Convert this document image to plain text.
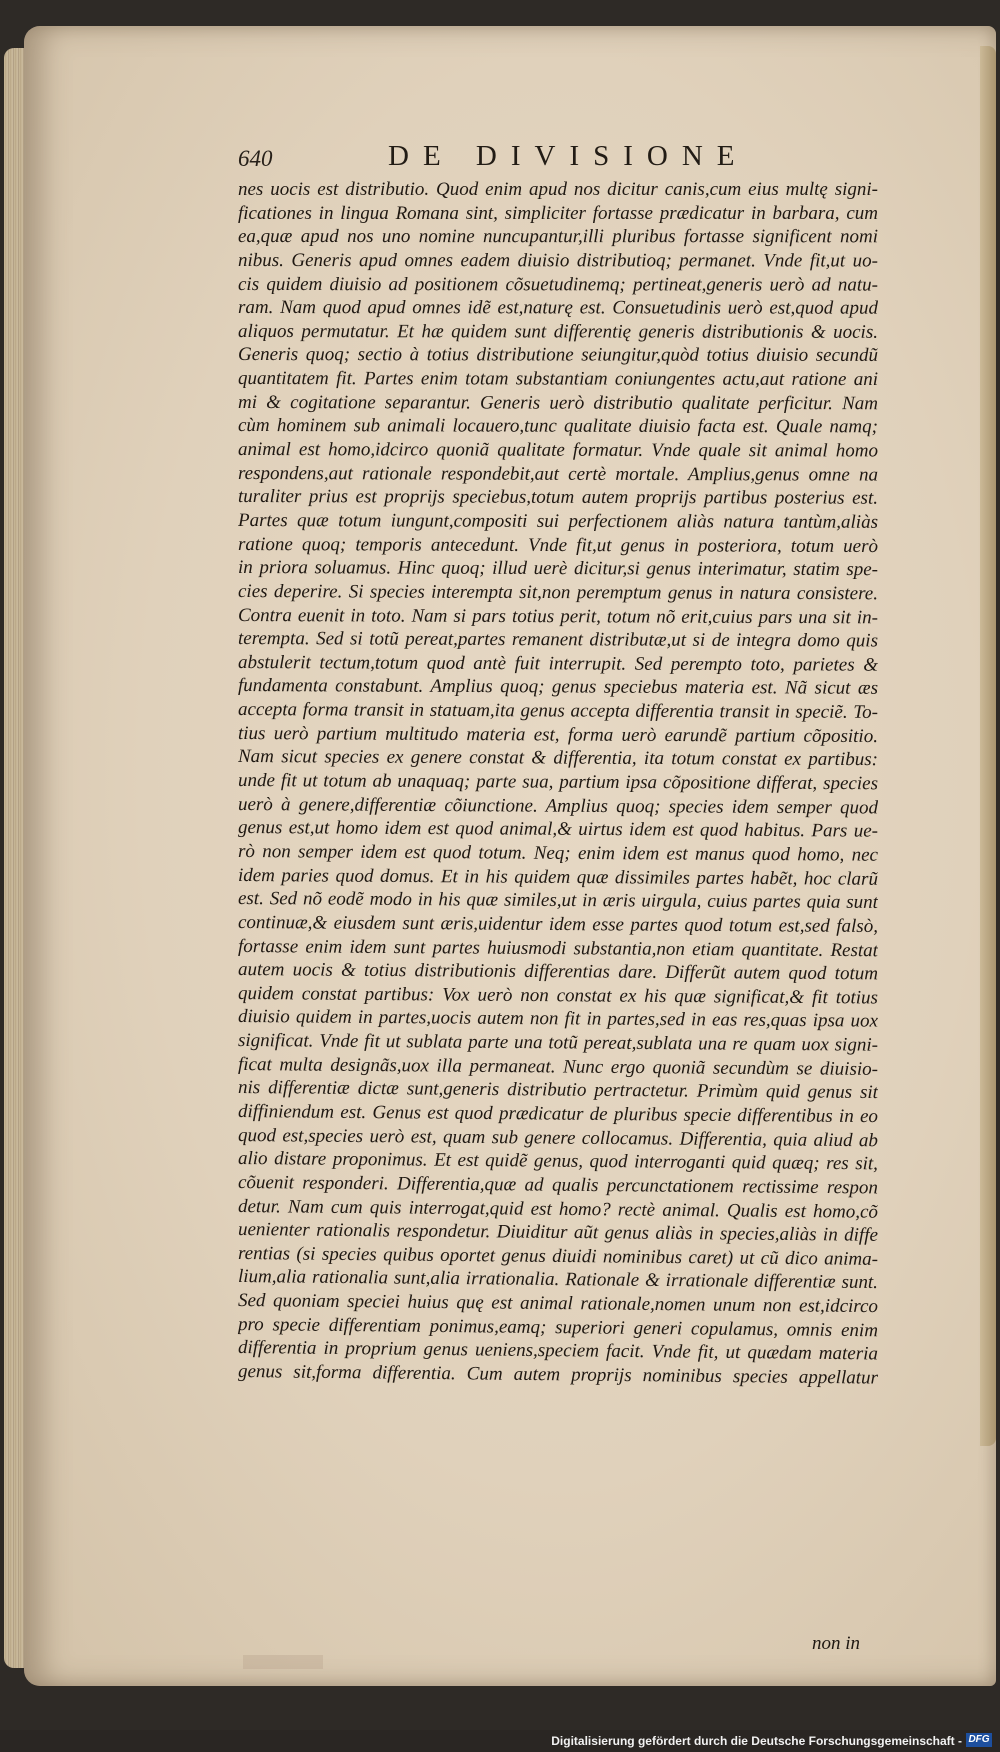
640	DE DIVISIONE
nes uocis est distributio. Quod enim apud nos dicitur canis,cum eius multę signi-
ficationes in lingua Romana sint, simpliciter fortasse prædicatur in barbara, cum
ea,quæ apud nos uno nomine nuncupantur,illi pluribus fortasse significent nomi
nibus. Generis apud omnes eadem diuisio distributioq; permanet. Vnde fit,ut uo-
cis quidem diuisio ad positionem cõsuetudinemq; pertineat,generis uerò ad natu-
ram. Nam quod apud omnes idẽ est,naturę est. Consuetudinis uerò est,quod apud
aliquos permutatur. Et hæ quidem sunt differentię generis distributionis & uocis.
Generis quoq; sectio à totius distributione seiungitur,quòd totius diuisio secundũ
quantitatem fit. Partes enim totam substantiam coniungentes actu,aut ratione ani
mi & cogitatione separantur. Generis uerò distributio qualitate perficitur. Nam
cùm hominem sub animali locauero,tunc qualitate diuisio facta est. Quale namq;
animal est homo,idcirco quoniã qualitate formatur. Vnde quale sit animal homo
respondens,aut rationale respondebit,aut certè mortale. Amplius,genus omne na
turaliter prius est proprijs speciebus,totum autem proprijs partibus posterius est.
Partes quæ totum iungunt,compositi sui perfectionem aliàs natura tantùm,aliàs
ratione quoq; temporis antecedunt. Vnde fit,ut genus in posteriora, totum uerò
in priora soluamus. Hinc quoq; illud uerè dicitur,si genus interimatur, statim spe-
cies deperire. Si species interempta sit,non peremptum genus in natura consistere.
Contra euenit in toto. Nam si pars totius perit, totum nõ erit,cuius pars una sit in-
terempta. Sed si totũ pereat,partes remanent distributæ,ut si de integra domo quis
abstulerit tectum,totum quod antè fuit interrupit. Sed perempto toto, parietes &
fundamenta constabunt. Amplius quoq; genus speciebus materia est. Nã sicut æs
accepta forma transit in statuam,ita genus accepta differentia transit in speciẽ. To-
tius uerò partium multitudo materia est, forma uerò earundẽ partium cõpositio.
Nam sicut species ex genere constat & differentia, ita totum constat ex partibus:
unde fit ut totum ab unaquaq; parte sua, partium ipsa cõpositione differat, species
uerò à genere,differentiæ cõiunctione. Amplius quoq; species idem semper quod
genus est,ut homo idem est quod animal,& uirtus idem est quod habitus. Pars ue-
rò non semper idem est quod totum. Neq; enim idem est manus quod homo, nec
idem paries quod domus. Et in his quidem quæ dissimiles partes habẽt, hoc clarũ
est. Sed nõ eodẽ modo in his quæ similes,ut in æris uirgula, cuius partes quia sunt
continuæ,& eiusdem sunt æris,uidentur idem esse partes quod totum est,sed falsò,
fortasse enim idem sunt partes huiusmodi substantia,non etiam quantitate. Restat
autem uocis & totius distributionis differentias dare. Differũt autem quod totum
quidem constat partibus: Vox uerò non constat ex his quæ significat,& fit totius
diuisio quidem in partes,uocis autem non fit in partes,sed in eas res,quas ipsa uox
significat. Vnde fit ut sublata parte una totũ pereat,sublata una re quam uox signi-
ficat multa designãs,uox illa permaneat. Nunc ergo quoniã secundùm se diuisio-
nis differentiæ dictæ sunt,generis distributio pertractetur. Primùm quid genus sit
diffiniendum est. Genus est quod prædicatur de pluribus specie differentibus in eo
quod est,species uerò est, quam sub genere collocamus. Differentia, quia aliud ab
alio distare proponimus. Et est quidẽ genus, quod interroganti quid quæq; res sit,
cõuenit responderi. Differentia,quæ ad qualis percunctationem rectissime respon
detur. Nam cum quis interrogat,quid est homo? rectè animal. Qualis est homo,cõ
uenienter rationalis respondetur. Diuiditur aũt genus aliàs in species,aliàs in diffe
rentias (si species quibus oportet genus diuidi nominibus caret) ut cũ dico anima-
lium,alia rationalia sunt,alia irrationalia. Rationale & irrationale differentiæ sunt.
Sed quoniam speciei huius quę est animal rationale,nomen unum non est,idcirco
pro specie differentiam ponimus,eamq; superiori generi copulamus, omnis enim
differentia in proprium genus ueniens,speciem facit. Vnde fit, ut quædam materia
genus sit,forma differentia. Cum autem proprijs nominibus species appellatur
non in
Digitalisierung gefördert durch die Deutsche Forschungsgemeinschaft - DFG
